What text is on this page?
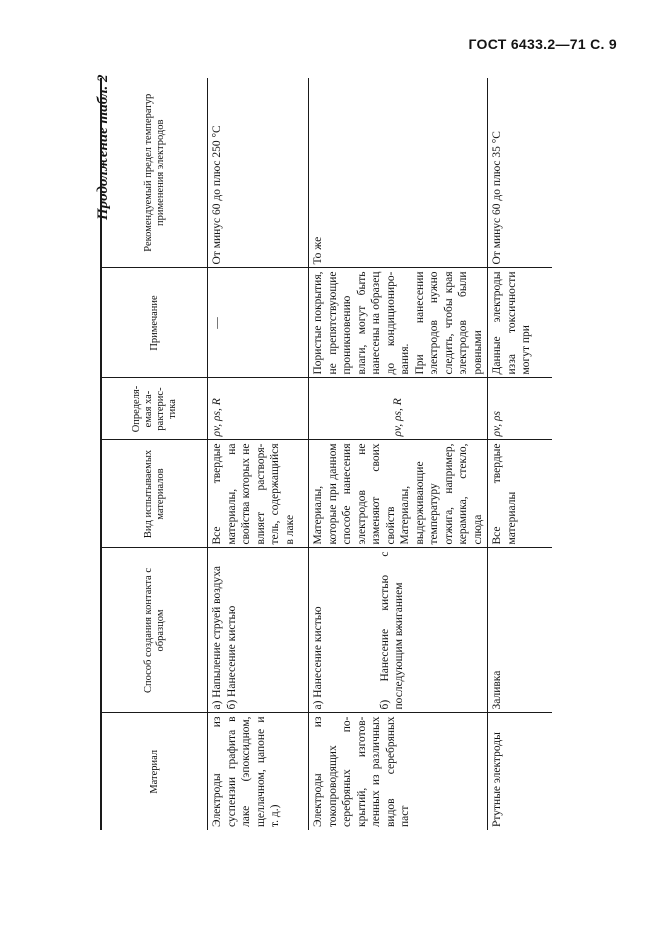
ГОСТ 6433.2—71 С. 9
Продолжение табл. 2
Материал	Способ создания контакта с образцом	Вид испытываемых материалов	Определяемая характеристика	Примечание	Рекомендуемый предел температур применения электродов
Электроды из суспензии графита в лаке (эпоксидном, щеллачном, цапоне и т. д.)	а) Напыление струей воздуха б) Нанесение кистью	Все твердые материалы, на свойства которых не влияет растворятель, содержащийся в лаке	ρv, ρs, R	—	От минус 60 до плюс 250 °С
Электроды из токопроводящих серебряных покрытий, изготовленных из различных видов серебряных паст	а) Нанесение кистью б) Нанесение кистью с последующим вжиганием	Материалы, которые при данном способе нанесения электродов не изменяют своих свойств Материалы, выдерживающие температуру отжига, например, керамика, стекло, слюда	ρv, ρs, R	Пористые покрытия, не препятствующие проникновению влаги, могут быть нанесены на образец до кондиционирования. При нанесении электродов нужно следить, чтобы края электродов были ровными	То же
Ртутные электроды	Заливка	Все твердые материалы	ρv, ρs	Данные электроды изза токсичности могут при	От минус 60 до плюс 35 °С
